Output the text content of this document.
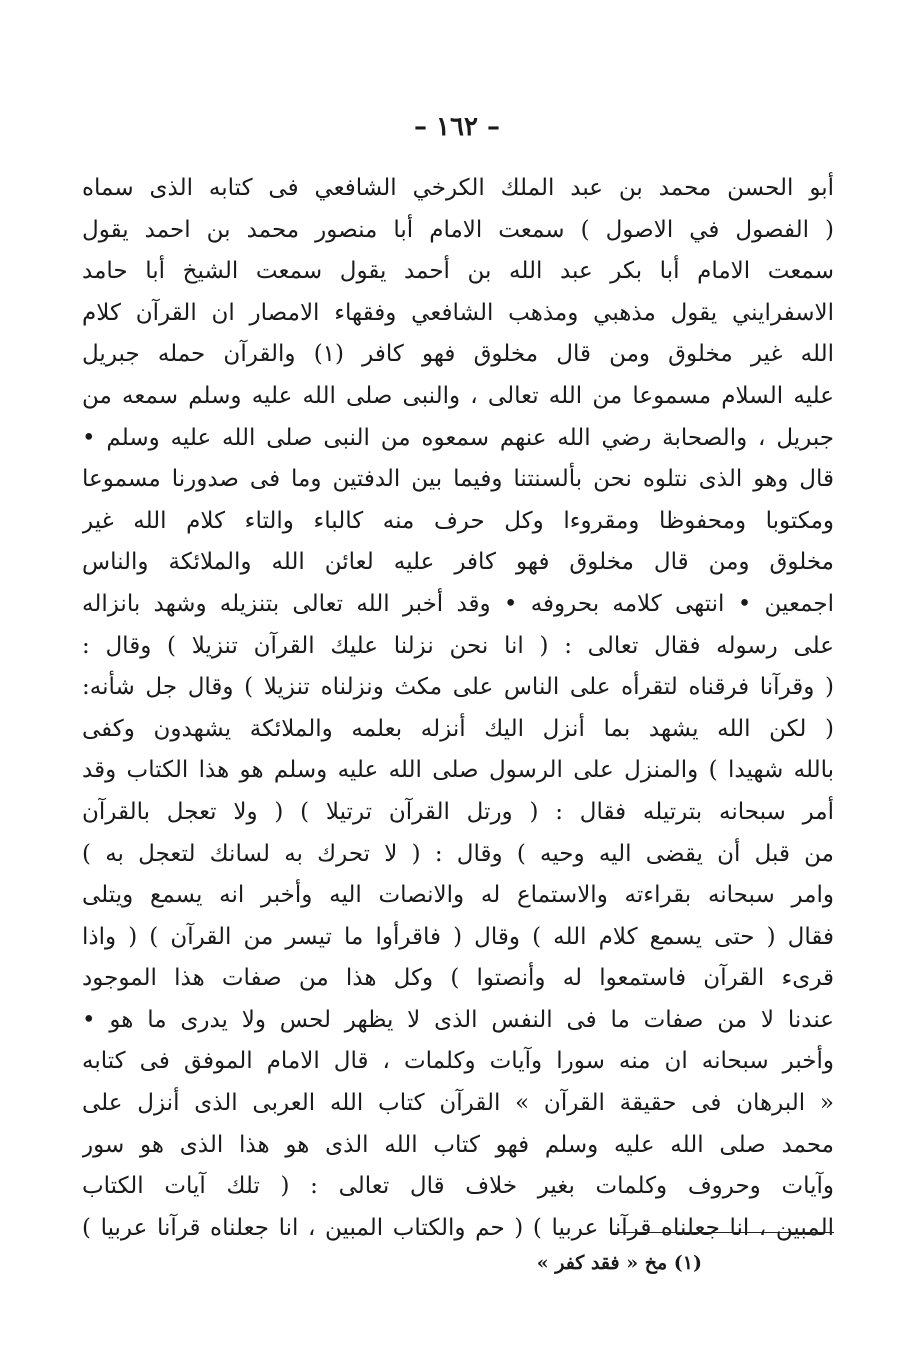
– ١٦٢ –
أبو الحسن محمد بن عبد الملك الكرخي الشافعي فى كتابه الذى سماه
( الفصول في الاصول ) سمعت الامام أبا منصور محمد بن احمد يقول
سمعت الامام أبا بكر عبد الله بن أحمد يقول سمعت الشيخ أبا حامد
الاسفرايني يقول مذهبي ومذهب الشافعي وفقهاء الامصار ان القرآن كلام
الله غير مخلوق ومن قال مخلوق فهو كافر (١) والقرآن حمله جبريل
عليه السلام مسموعا من الله تعالى ، والنبى صلى الله عليه وسلم سمعه من
جبريل ، والصحابة رضي الله عنهم سمعوه من النبى صلى الله عليه وسلم •
قال وهو الذى نتلوه نحن بألسنتنا وفيما بين الدفتين وما فى صدورنا مسموعا
ومكتوبا ومحفوظا ومقروءا وكل حرف منه كالباء والتاء كلام الله غير
مخلوق ومن قال مخلوق فهو كافر عليه لعائن الله والملائكة والناس
اجمعين • انتهى كلامه بحروفه • وقد أخبر الله تعالى بتنزيله وشهد بانزاله
على رسوله فقال تعالى : ( انا نحن نزلنا عليك القرآن تنزيلا ) وقال :
( وقرآنا فرقناه لتقرأه على الناس على مكث ونزلناه تنزيلا ) وقال جل شأنه:
( لكن الله يشهد بما أنزل اليك أنزله بعلمه والملائكة يشهدون وكفى
بالله شهيدا ) والمنزل على الرسول صلى الله عليه وسلم هو هذا الكتاب وقد
أمر سبحانه بترتيله فقال : ( ورتل القرآن ترتيلا ) ( ولا تعجل بالقرآن
من قبل أن يقضى اليه وحيه ) وقال : ( لا تحرك به لسانك لتعجل به )
وامر سبحانه بقراءته والاستماع له والانصات اليه وأخبر انه يسمع ويتلى
فقال ( حتى يسمع كلام الله ) وقال ( فاقرأوا ما تيسر من القرآن ) ( واذا
قرىء القرآن فاستمعوا له وأنصتوا ) وكل هذا من صفات هذا الموجود
عندنا لا من صفات ما فى النفس الذى لا يظهر لحس ولا يدرى ما هو •
وأخبر سبحانه ان منه سورا وآيات وكلمات ، قال الامام الموفق فى كتابه
« البرهان فى حقيقة القرآن » القرآن كتاب الله العربى الذى أنزل على
محمد صلى الله عليه وسلم فهو كتاب الله الذى هو هذا الذى هو سور
وآيات وحروف وكلمات بغير خلاف قال تعالى : ( تلك آيات الكتاب
المبين ، انا جعلناه قرآنا عربيا ) ( حم والكتاب المبين ، انا جعلناه قرآنا عربيا )
(١) مخ « فقد كفر »
